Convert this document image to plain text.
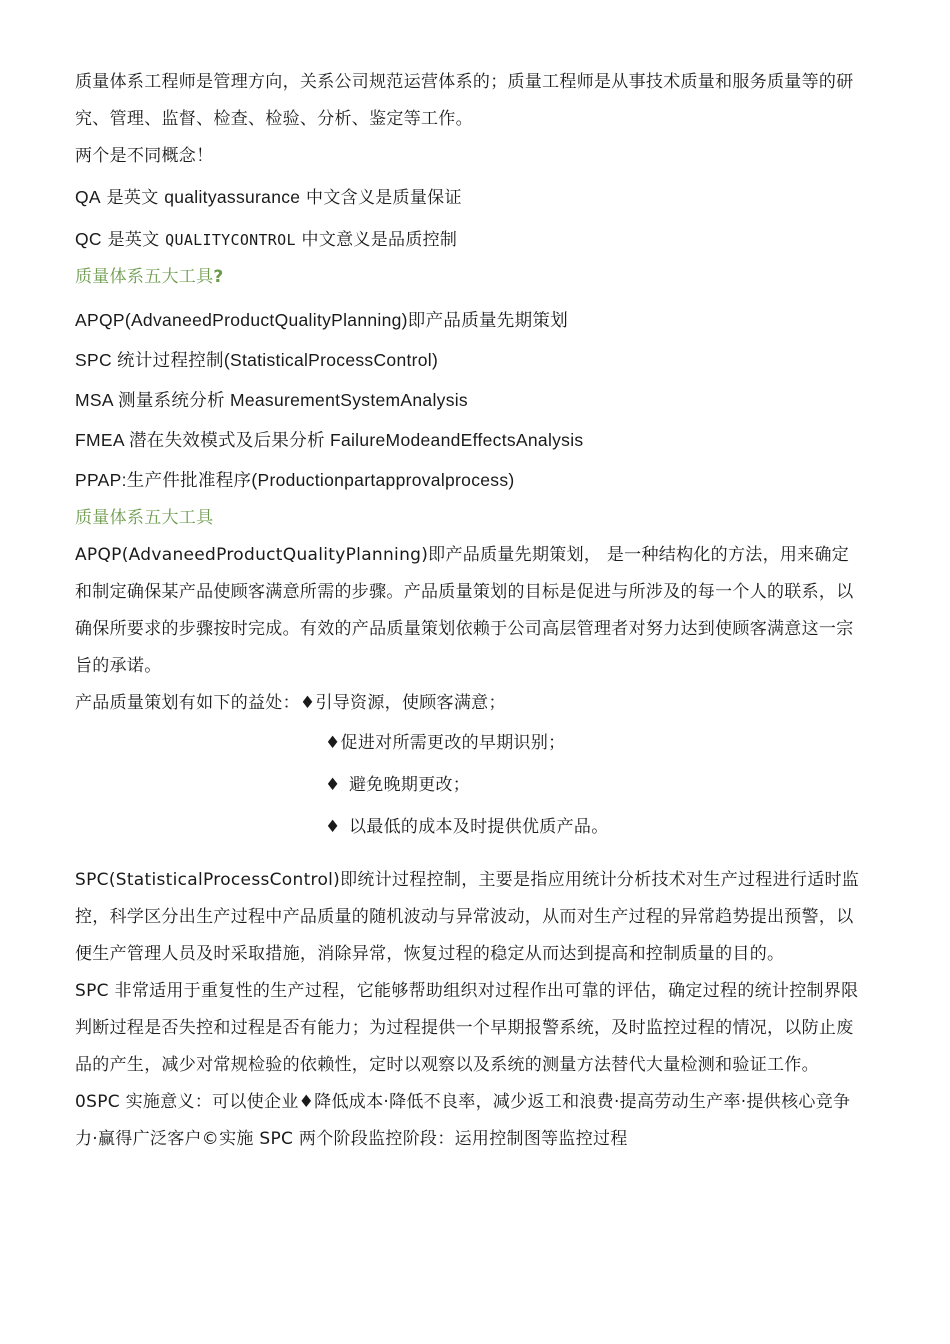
质量体系工程师是管理方向，关系公司规范运营体系的；质量工程师是从事技术质量和服务质量等的研究、管理、监督、检查、检验、分析、鉴定等工作。

两个是不同概念！

QA 是英文 qualityassurance 中文含义是质量保证

QC 是英文 QUALITYCONTROL 中文意义是品质控制

质量体系五大工具?

APQP(AdvaneedProductQualityPlanning)即产品质量先期策划

SPC 统计过程控制(StatisticalProcessControl)

MSA 测量系统分析 MeasurementSystemAnalysis

FMEA 潜在失效模式及后果分析 FailureModeandEffectsAnalysis

PPAP:生产件批准程序(Productionpartapprovalprocess)

质量体系五大工具

APQP(AdvaneedProductQualityPlanning)即产品质量先期策划， 是一种结构化的方法，用来确定和制定确保某产品使顾客满意所需的步骤。产品质量策划的目标是促进与所涉及的每一个人的联系，以确保所要求的步骤按时完成。有效的产品质量策划依赖于公司高层管理者对努力达到使顾客满意这一宗旨的承诺。

产品质量策划有如下的益处：♦引导资源，使顾客满意；

♦促进对所需更改的早期识别；

♦ 避免晚期更改；

♦ 以最低的成本及时提供优质产品。

SPC(StatisticalProcessControl)即统计过程控制，主要是指应用统计分析技术对生产过程进行适时监控，科学区分出生产过程中产品质量的随机波动与异常波动，从而对生产过程的异常趋势提出预警，以便生产管理人员及时采取措施，消除异常，恢复过程的稳定从而达到提高和控制质量的目的。

SPC 非常适用于重复性的生产过程，它能够帮助组织对过程作出可靠的评估，确定过程的统计控制界限判断过程是否失控和过程是否有能力；为过程提供一个早期报警系统，及时监控过程的情况，以防止废品的产生，减少对常规检验的依赖性，定时以观察以及系统的测量方法替代大量检测和验证工作。

0SPC 实施意义：可以使企业♦降低成本·降低不良率，减少返工和浪费·提高劳动生产率·提供核心竞争力·赢得广泛客户©实施 SPC 两个阶段监控阶段：运用控制图等监控过程
